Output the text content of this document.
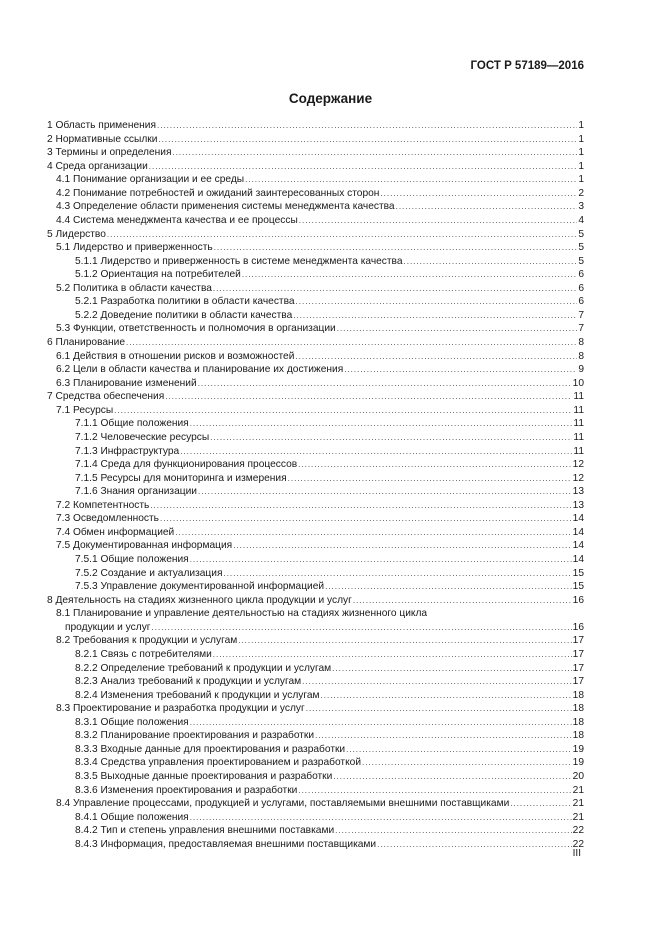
ГОСТ Р 57189—2016
Содержание
1 Область применения .....	1
2 Нормативные ссылки .....	1
3 Термины и определения .....	1
4 Среда организации .....	1
4.1 Понимание организации и ее среды .....	1
4.2 Понимание потребностей и ожиданий заинтересованных сторон .....	2
4.3 Определение области применения системы менеджмента качества .....	3
4.4 Система менеджмента качества и ее процессы .....	4
5 Лидерство .....	5
5.1 Лидерство и приверженность .....	5
5.1.1 Лидерство и приверженность в системе менеджмента качества .....	5
5.1.2 Ориентация на потребителей .....	6
5.2 Политика в области качества .....	6
5.2.1 Разработка политики в области качества .....	6
5.2.2 Доведение политики в области качества .....	7
5.3 Функции, ответственность и полномочия в организации .....	7
6 Планирование .....	8
6.1 Действия в отношении рисков и возможностей .....	8
6.2 Цели в области качества и планирование их достижения .....	9
6.3 Планирование изменений .....	10
7 Средства обеспечения .....	11
7.1 Ресурсы .....	11
7.1.1 Общие положения .....	11
7.1.2 Человеческие ресурсы .....	11
7.1.3 Инфраструктура .....	11
7.1.4 Среда для функционирования процессов .....	12
7.1.5 Ресурсы для мониторинга и измерения .....	12
7.1.6 Знания организации .....	13
7.2 Компетентность .....	13
7.3 Осведомленность .....	14
7.4 Обмен информацией .....	14
7.5 Документированная информация .....	14
7.5.1 Общие положения .....	14
7.5.2 Создание и актуализация .....	15
7.5.3 Управление документированной информацией .....	15
8 Деятельность на стадиях жизненного цикла продукции и услуг .....	16
8.1 Планирование и управление деятельностью на стадиях жизненного цикла
продукции и услуг .....	16
8.2 Требования к продукции и услугам .....	17
8.2.1 Связь с потребителями .....	17
8.2.2 Определение требований к продукции и услугам .....	17
8.2.3 Анализ требований к продукции и услугам .....	17
8.2.4 Изменения требований к продукции и услугам .....	18
8.3 Проектирование и разработка продукции и услуг .....	18
8.3.1 Общие положения .....	18
8.3.2 Планирование проектирования и разработки .....	18
8.3.3 Входные данные для проектирования и разработки .....	19
8.3.4 Средства управления проектированием и разработкой .....	19
8.3.5 Выходные данные проектирования и разработки .....	20
8.3.6 Изменения проектирования и разработки .....	21
8.4 Управление процессами, продукцией и услугами, поставляемыми внешними поставщиками .....	21
8.4.1 Общие положения .....	21
8.4.2 Тип и степень управления внешними поставками .....	22
8.4.3 Информация, предоставляемая внешними поставщиками .....	22
III
